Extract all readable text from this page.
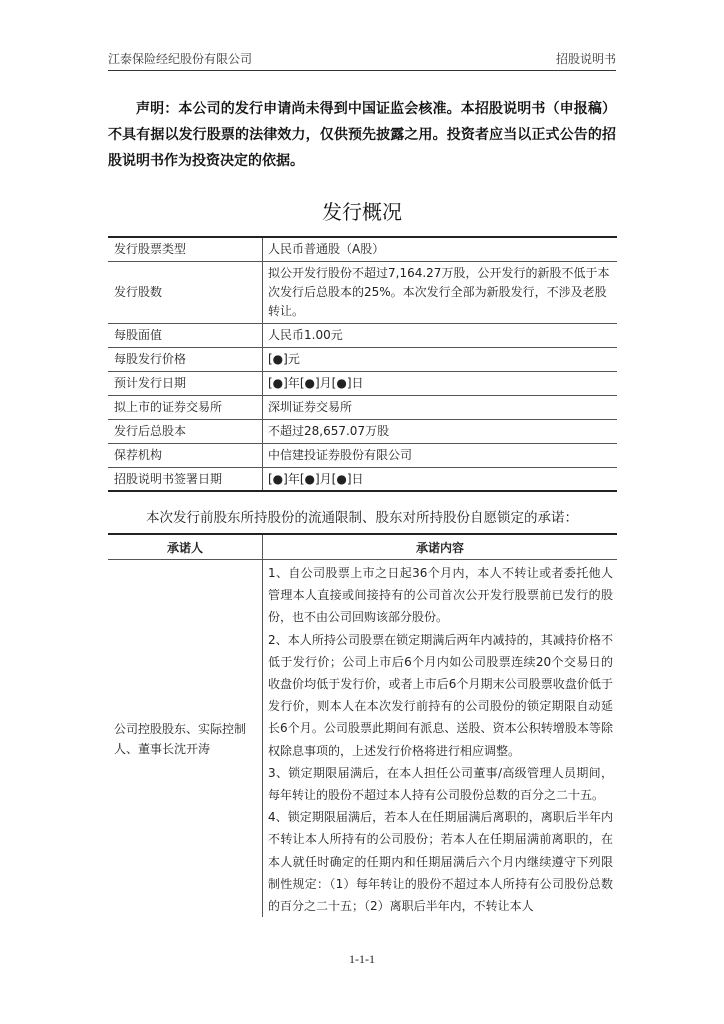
江泰保险经纪股份有限公司	招股说明书
声明：本公司的发行申请尚未得到中国证监会核准。本招股说明书（申报稿）不具有据以发行股票的法律效力，仅供预先披露之用。投资者应当以正式公告的招股说明书作为投资决定的依据。
发行概况
发行股票类型	人民币普通股（A股）
发行股数	拟公开发行股份不超过7,164.27万股，公开发行的新股不低于本次发行后总股本的25%。本次发行全部为新股发行，不涉及老股转让。
每股面值	人民币1.00元
每股发行价格	[●]元
预计发行日期	[●]年[●]月[●]日
拟上市的证券交易所	深圳证券交易所
发行后总股本	不超过28,657.07万股
保荐机构	中信建投证券股份有限公司
招股说明书签署日期	[●]年[●]月[●]日
本次发行前股东所持股份的流通限制、股东对所持股份自愿锁定的承诺：
承诺人	承诺内容
公司控股股东、实际控制人、董事长沈开涛	1、自公司股票上市之日起36个月内，本人不转让或者委托他人管理本人直接或间接持有的公司首次公开发行股票前已发行的股份，也不由公司回购该部分股份。
2、本人所持公司股票在锁定期满后两年内减持的，其减持价格不低于发行价；公司上市后6个月内如公司股票连续20个交易日的收盘价均低于发行价，或者上市后6个月期末公司股票收盘价低于发行价，则本人在本次发行前持有的公司股份的锁定期限自动延长6个月。公司股票此期间有派息、送股、资本公积转增股本等除权除息事项的，上述发行价格将进行相应调整。
3、锁定期限届满后，在本人担任公司董事/高级管理人员期间，每年转让的股份不超过本人持有公司股份总数的百分之二十五。
4、锁定期限届满后，若本人在任期届满后离职的，离职后半年内不转让本人所持有的公司股份；若本人在任期届满前离职的，在本人就任时确定的任期内和任期届满后六个月内继续遵守下列限制性规定：（1）每年转让的股份不超过本人所持有公司股份总数的百分之二十五；（2）离职后半年内，不转让本人
1-1-1
